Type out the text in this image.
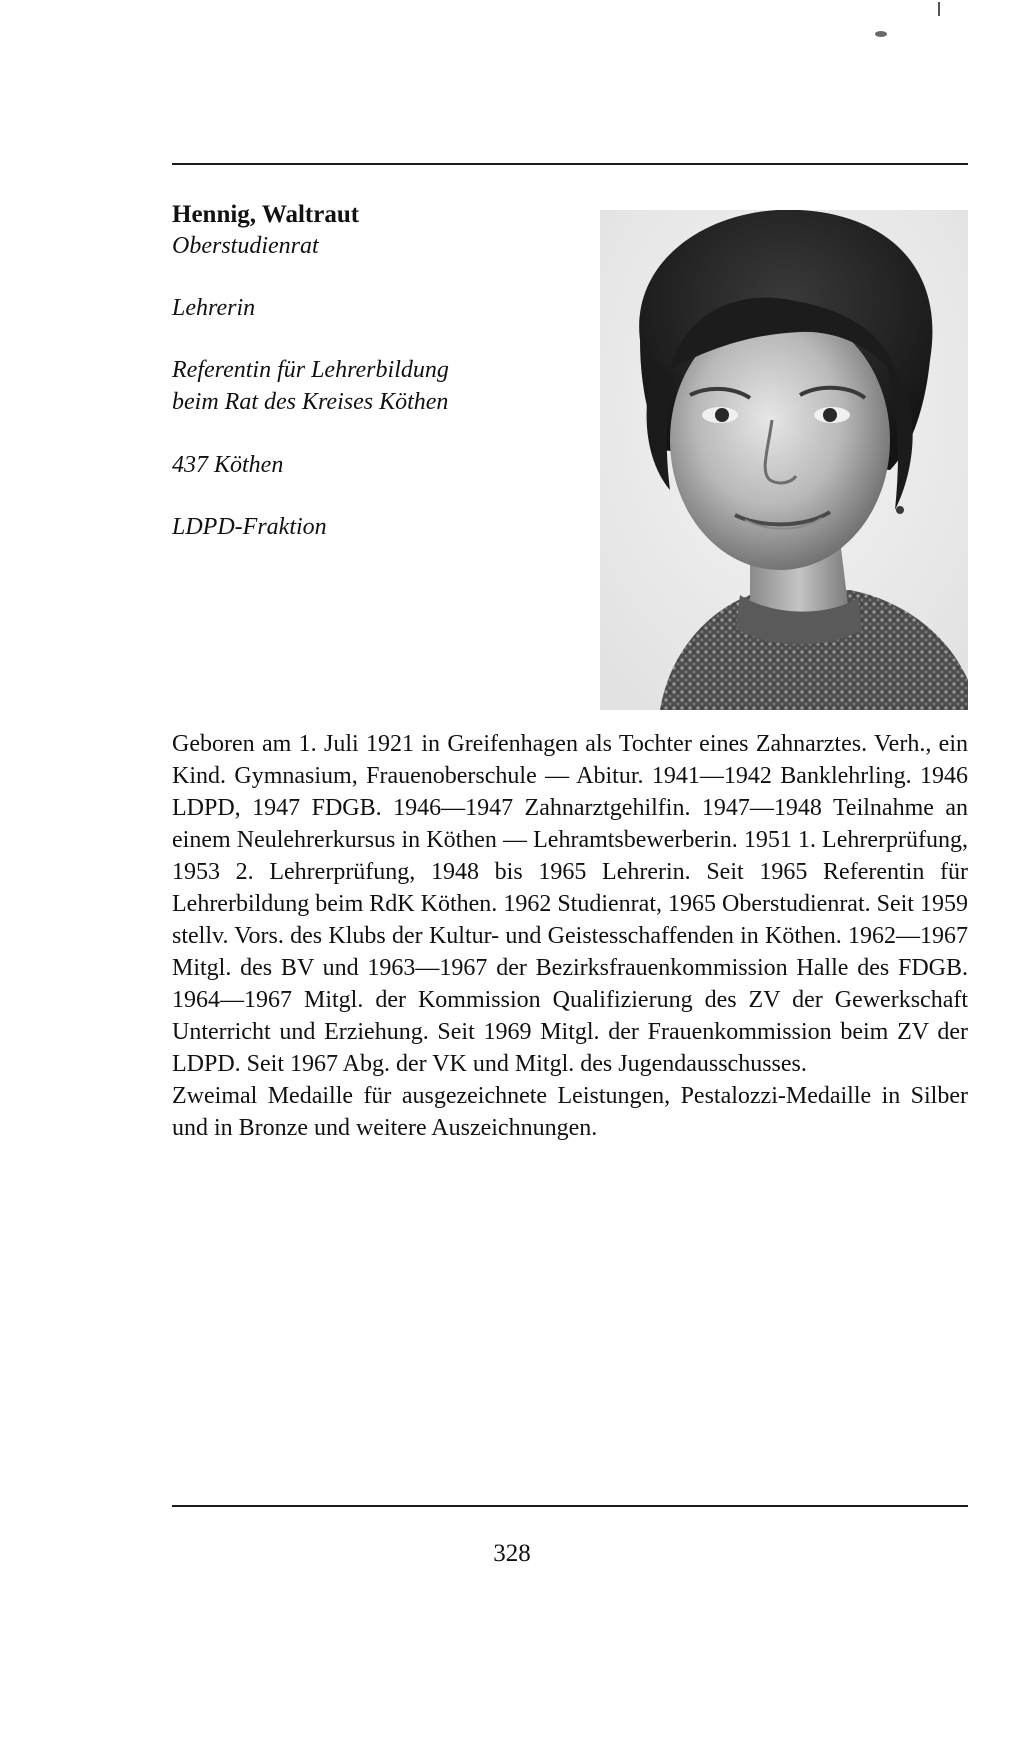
Hennig, Waltraut

Oberstudienrat

Lehrerin

Referentin für Lehrerbildung

beim Rat des Kreises Köthen

437 Köthen

LDPD-Fraktion

Geboren am 1. Juli 1921 in Greifenhagen als Tochter eines Zahnarztes. Verh., ein Kind. Gymnasium, Frauenoberschule — Abitur. 1941—1942 Banklehrling. 1946 LDPD, 1947 FDGB. 1946—1947 Zahnarztgehilfin. 1947—1948 Teilnahme an einem Neulehrerkursus in Köthen — Lehramtsbewerberin. 1951 1. Lehrerprüfung, 1953 2. Lehrerprüfung, 1948 bis 1965 Lehrerin. Seit 1965 Referentin für Lehrerbildung beim RdK Köthen. 1962 Studienrat, 1965 Oberstudienrat. Seit 1959 stellv. Vors. des Klubs der Kultur- und Geistesschaffenden in Köthen. 1962—1967 Mitgl. des BV und 1963—1967 der Bezirksfrauenkommission Halle des FDGB. 1964—1967 Mitgl. der Kommission Qualifizierung des ZV der Gewerkschaft Unterricht und Erziehung. Seit 1969 Mitgl. der Frauenkommission beim ZV der LDPD. Seit 1967 Abg. der VK und Mitgl. des Jugendausschusses.

Zweimal Medaille für ausgezeichnete Leistungen, Pestalozzi-Medaille in Silber und in Bronze und weitere Auszeichnungen.

328
